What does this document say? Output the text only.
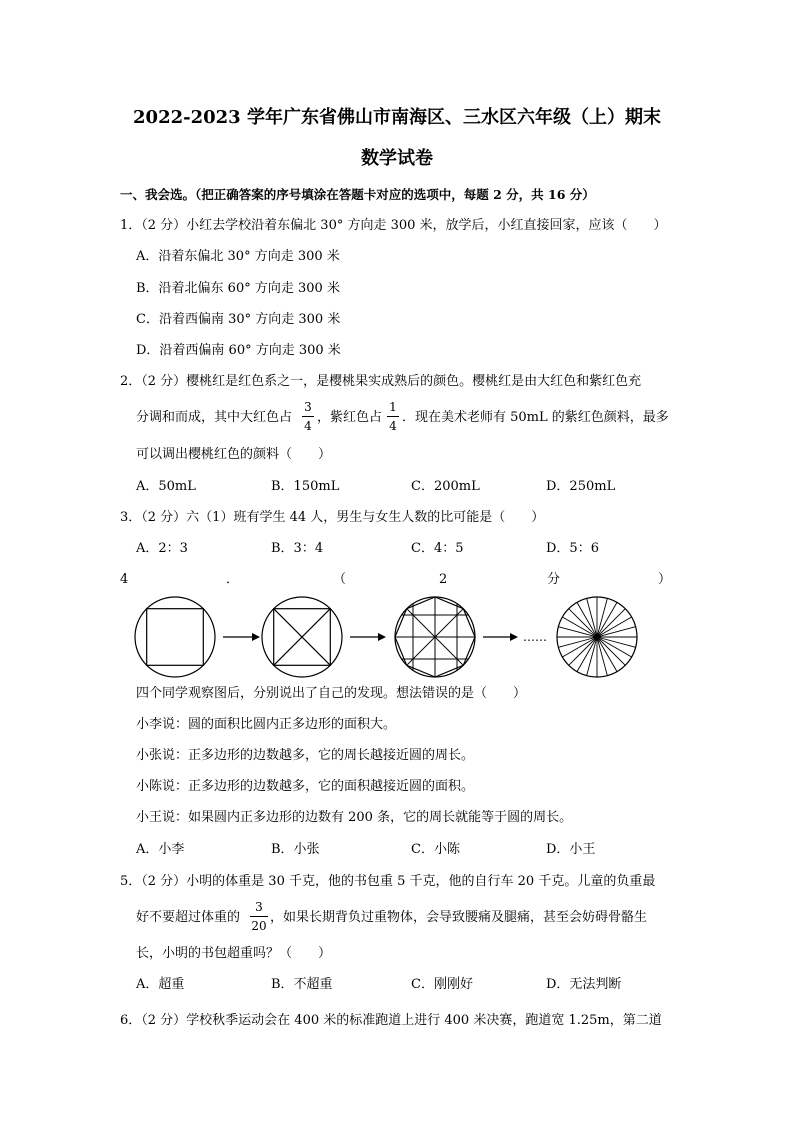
2022-2023 学年广东省佛山市南海区、三水区六年级（上）期末
数学试卷
一、我会选。（把正确答案的序号填涂在答题卡对应的选项中，每题 2 分，共 16 分）
1．（2 分）小红去学校沿着东偏北 30° 方向走 300 米，放学后，小红直接回家，应该（　　）
A．沿着东偏北 30° 方向走 300 米
B．沿着北偏东 60° 方向走 300 米
C．沿着西偏南 30° 方向走 300 米
D．沿着西偏南 60° 方向走 300 米
2．（2 分）樱桃红是红色系之一，是樱桃果实成熟后的颜色。樱桃红是由大红色和紫红色充
分调和而成，其中大红色占
3
4
，紫红色占
1
4
．现在美术老师有 50mL 的紫红色颜料，最多
可以调出樱桃红色的颜料（　　）
A．50mL	B．150mL	C．200mL	D．250mL
3．（2 分）六（1）班有学生 44 人，男生与女生人数的比可能是（　　）
A．2：3	B．3：4	C．4：5	D．5：6
4	．	（	2	分	）
……
四个同学观察图后，分别说出了自己的发现。想法错误的是（　　）
小李说：圆的面积比圆内正多边形的面积大。
小张说：正多边形的边数越多，它的周长越接近圆的周长。
小陈说：正多边形的边数越多，它的面积越接近圆的面积。
小王说：如果圆内正多边形的边数有 200 条，它的周长就能等于圆的周长。
A．小李	B．小张	C．小陈	D．小王
5．（2 分）小明的体重是 30 千克，他的书包重 5 千克，他的自行车 20 千克。儿童的负重最
好不要超过体重的
3
20
，如果长期背负过重物体，会导致腰痛及腿痛，甚至会妨碍骨骼生
长，小明的书包超重吗？（　　）
A．超重	B．不超重	C．刚刚好	D．无法判断
6．（2 分）学校秋季运动会在 400 米的标准跑道上进行 400 米决赛，跑道宽 1.25m，第二道
